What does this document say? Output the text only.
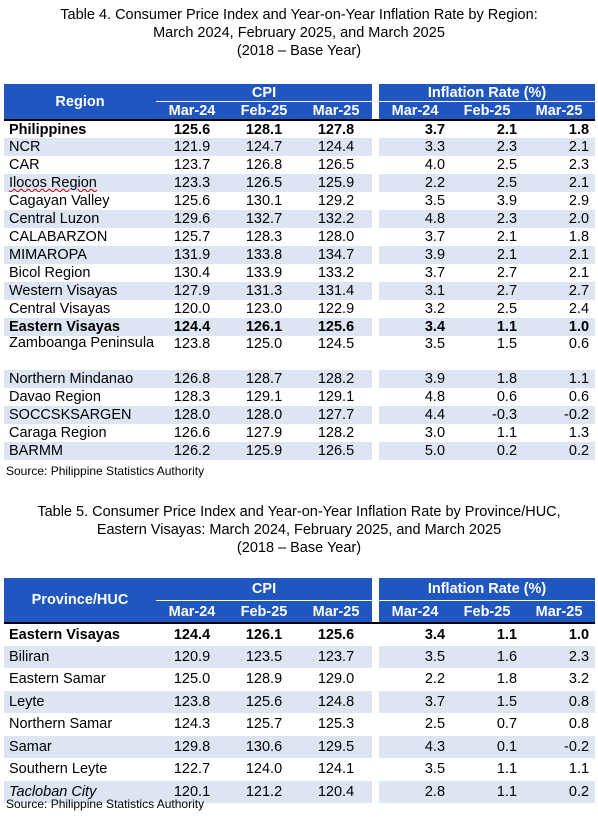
Table 4. Consumer Price Index and Year-on-Year Inflation Rate by Region:
March 2024, February 2025, and March 2025
(2018 – Base Year)
Region	CPI				Inflation Rate (%)		
	Mar-24	Feb-25	Mar-25		Mar-24	Feb-25	Mar-25
Philippines	125.6	128.1	127.8		3.7	2.1	1.8
NCR	121.9	124.7	124.4		3.3	2.3	2.1
CAR	123.7	126.8	126.5		4.0	2.5	2.3
Ilocos Region	123.3	126.5	125.9		2.2	2.5	2.1
Cagayan Valley	125.6	130.1	129.2		3.5	3.9	2.9
Central Luzon	129.6	132.7	132.2		4.8	2.3	2.0
CALABARZON	125.7	128.3	128.0		3.7	2.1	1.8
MIMAROPA	131.9	133.8	134.7		3.9	2.1	2.1
Bicol Region	130.4	133.9	133.2		3.7	2.7	2.1
Western Visayas	127.9	131.3	131.4		3.1	2.7	2.7
Central Visayas	120.0	123.0	122.9		3.2	2.5	2.4
Eastern Visayas	124.4	126.1	125.6		3.4	1.1	1.0
Zamboanga Peninsula	123.8	125.0	124.5		3.5	1.5	0.6
Northern Mindanao	126.8	128.7	128.2		3.9	1.8	1.1
Davao Region	128.3	129.1	129.1		4.8	0.6	0.6
SOCCSKSARGEN	128.0	128.0	127.7		4.4	-0.3	-0.2
Caraga Region	126.6	127.9	128.2		3.0	1.1	1.3
BARMM	126.2	125.9	126.5		5.0	0.2	0.2
Source: Philippine Statistics Authority
Table 5. Consumer Price Index and Year-on-Year Inflation Rate by Province/HUC,
Eastern Visayas: March 2024, February 2025, and March 2025
(2018 – Base Year)
Province/HUC	CPI				Inflation Rate (%)		
	Mar-24	Feb-25	Mar-25		Mar-24	Feb-25	Mar-25
Eastern Visayas	124.4	126.1	125.6		3.4	1.1	1.0
Biliran	120.9	123.5	123.7		3.5	1.6	2.3
Eastern Samar	125.0	128.9	129.0		2.2	1.8	3.2
Leyte	123.8	125.6	124.8		3.7	1.5	0.8
Northern Samar	124.3	125.7	125.3		2.5	0.7	0.8
Samar	129.8	130.6	129.5		4.3	0.1	-0.2
Southern Leyte	122.7	124.0	124.1		3.5	1.1	1.1
Tacloban City	120.1	121.2	120.4		2.8	1.1	0.2
Source: Philippine Statistics Authority
